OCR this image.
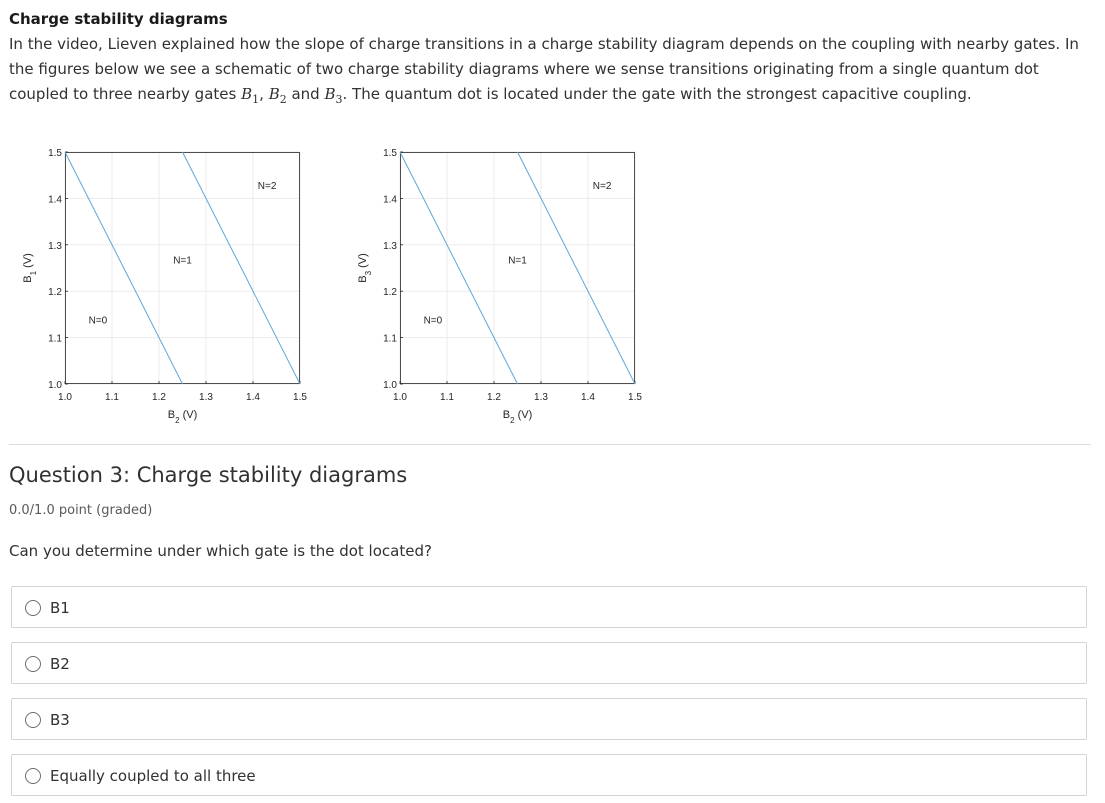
Charge stability diagrams

In the video, Lieven explained how the slope of charge transitions in a charge stability diagram depends on the coupling with nearby gates. In the figures below we see a schematic of two charge stability diagrams where we sense transitions originating from a single quantum dot coupled to three nearby gates $B_1$, $B_2$ and $B_3$. The quantum dot is located under the gate with the strongest capacitive coupling.

1.0	1.1	1.2	1.3	1.4	1.5
1.0
1.1
1.2
1.3
1.4
1.5
N=0
N=1
N=2
$B_2$ (V)
$B_1$ (V)
1.0	1.1	1.2	1.3	1.4	1.5
1.0
1.1
1.2
1.3
1.4
1.5
N=0
N=1
N=2
$B_2$ (V)
$B_3$ (V)
Question 3: Charge stability diagrams
0.0/1.0 point (graded)
Can you determine under which gate is the dot located?
B1
B2
B3
Equally coupled to all three
